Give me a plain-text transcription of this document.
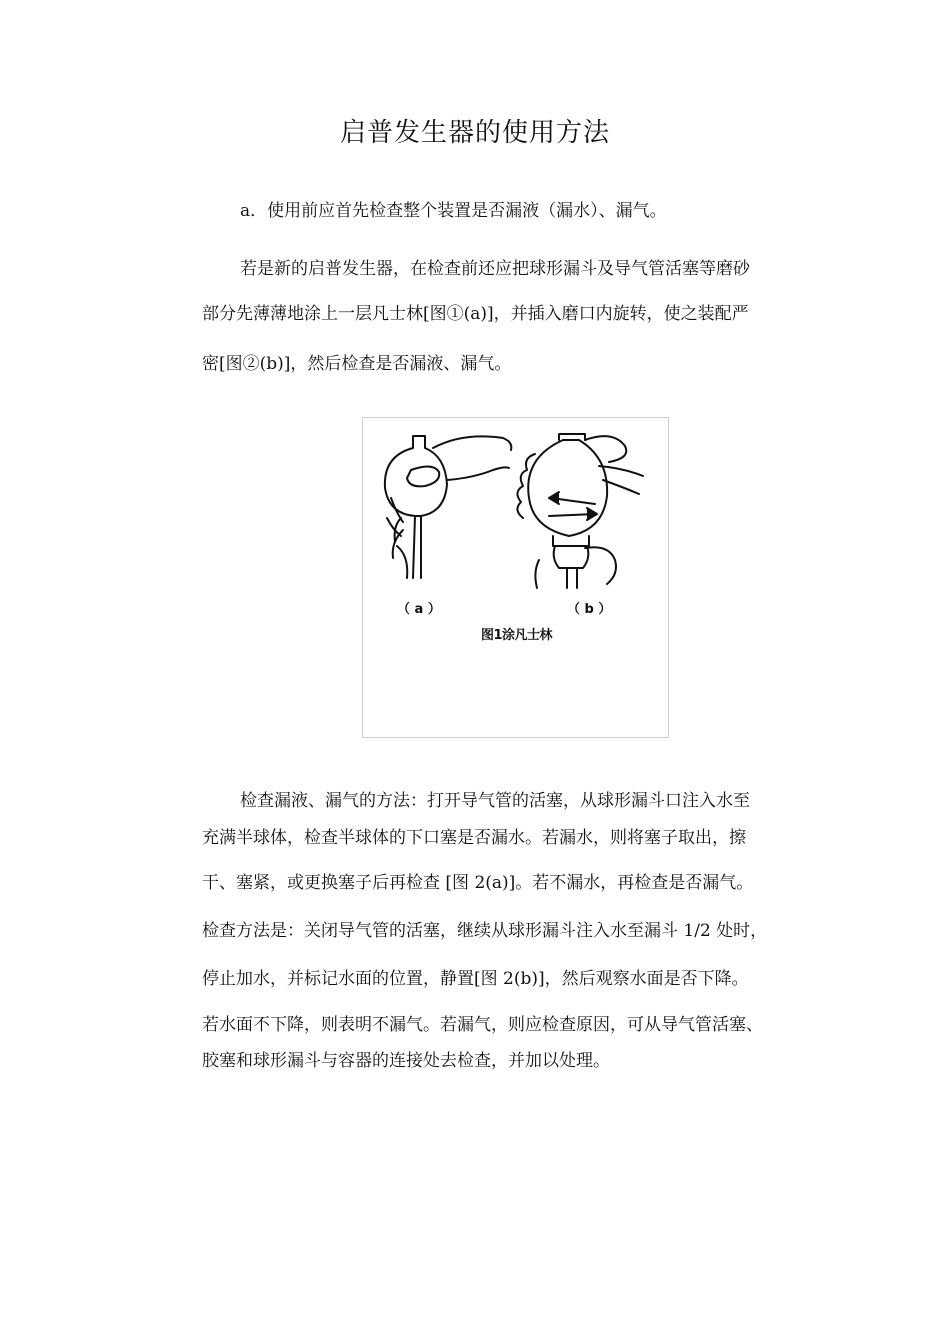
启普发生器的使用方法

a．使用前应首先检查整个装置是否漏液（漏水）、漏气。

若是新的启普发生器，在检查前还应把球形漏斗及导气管活塞等磨砂
部分先薄薄地涂上一层凡士林[图①(a)]，并插入磨口内旋转，使之装配严
密[图②(b)]，然后检查是否漏液、漏气。

（ a ）	（ b ）
图1涂凡士林

检查漏液、漏气的方法：打开导气管的活塞，从球形漏斗口注入水至
充满半球体，检查半球体的下口塞是否漏水。若漏水，则将塞子取出，擦
干、塞紧，或更换塞子后再检查 [图 2(a)]。若不漏水，再检查是否漏气。
检查方法是：关闭导气管的活塞，继续从球形漏斗注入水至漏斗 1/2 处时，
停止加水，并标记水面的位置，静置[图 2(b)]，然后观察水面是否下降。
若水面不下降，则表明不漏气。若漏气，则应检查原因，可从导气管活塞、
胶塞和球形漏斗与容器的连接处去检查，并加以处理。
